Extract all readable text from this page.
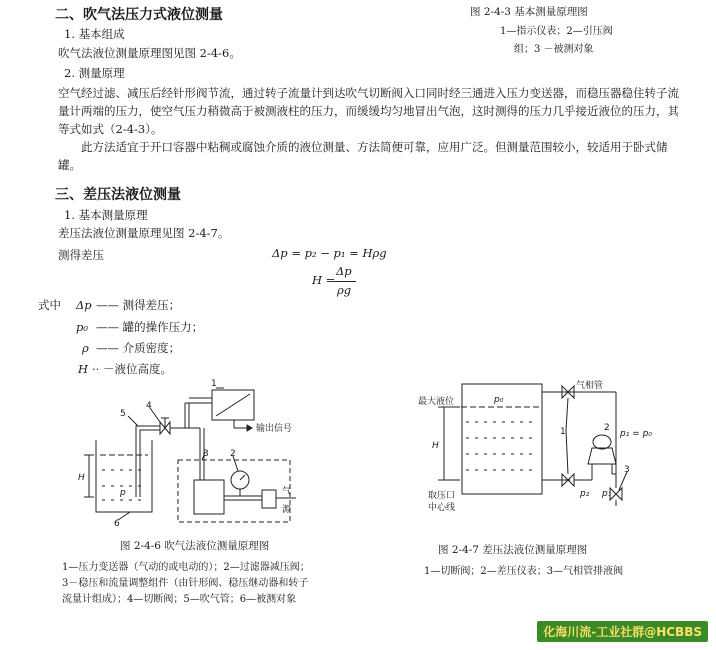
二、吹气法压力式液位测量
1. 基本组成
吹气法液位测量原理图见图 2-4-6。
2. 测量原理
空气经过滤、减压后经针形阀节流，通过转子流量计到达吹气切断阀入口同时经三通进入压力变送器，而稳压器稳住转子流量计两端的压力，使空气压力稍微高于被测液柱的压力，而缓缓均匀地冒出气泡，这时测得的压力几乎接近液位的压力，其等式如式（2-4-3）。
此方法适宜于开口容器中粘稠或腐蚀介质的液位测量、方法简便可靠，应用广泛。但测量范围较小，较适用于卧式储罐。
图 2-4-3 基本测量原理图
1—指示仪表；2—引压阀
组；3 －被测对象
三、差压法液位测量
1. 基本测量原理
差压法液位测量原理见图 2-4-7。
测得差压	Δp = p₂ − p₁ = Hρg
H =
Δp
ρg
式中 Δp —— 测得差压；
p₀ —— 罐的操作压力；
ρ —— 介质密度；
H ·· －液位高度。
1
2
3
4
5
6
H
p
输出信号
气
源
图 2-4-6 吹气法液位测量原理图
1—压力变送器（气动的或电动的）；2—过滤器减压阀；
3－稳压和流量调整组件（由针形阀、稳压继动器和转子
流量计组成）；4—切断阀；5—吹气管；6—被测对象
气相管
最大液位	p₀
H
1	2
3
p₁ = p₀
p₂ p₁
取压口
中心线
图 2-4-7 差压法液位测量原理图
1—切断阀；2—差压仪表；3—气相管排液阀
化海川流-工业社群@HCBBS
